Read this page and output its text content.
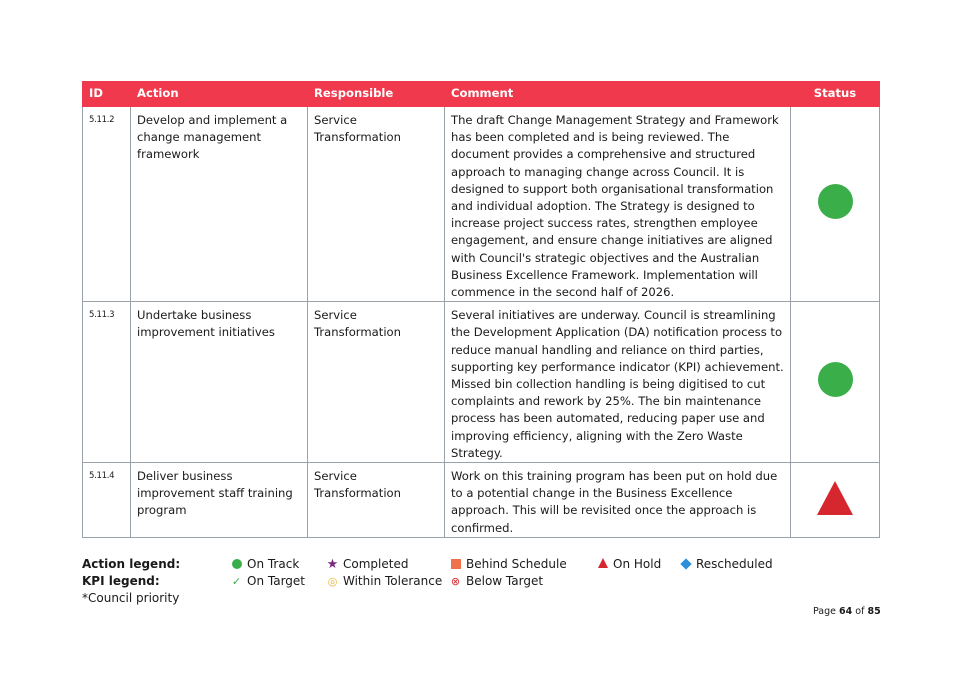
ID	Action	Responsible	Comment	Status
5.11.2	Develop and implement a change management framework	Service Transformation	The draft Change Management Strategy and Framework has been completed and is being reviewed. The document provides a comprehensive and structured approach to managing change across Council. It is designed to support both organisational transformation and individual adoption. The Strategy is designed to increase project success rates, strengthen employee engagement, and ensure change initiatives are aligned with Council's strategic objectives and the Australian Business Excellence Framework. Implementation will commence in the second half of 2026.	
5.11.3	Undertake business improvement initiatives	Service Transformation	Several initiatives are underway. Council is streamlining the Development Application (DA) notification process to reduce manual handling and reliance on third parties, supporting key performance indicator (KPI) achievement. Missed bin collection handling is being digitised to cut complaints and rework by 25%. The bin maintenance process has been automated, reducing paper use and improving efficiency, aligning with the Zero Waste Strategy.	
5.11.4	Deliver business improvement staff training program	Service Transformation	Work on this training program has been put on hold due to a potential change in the Business Excellence approach. This will be revisited once the approach is confirmed.	
Action legend:	On Track ★ Completed	Behind Schedule	On Hold	Rescheduled
KPI legend:	✓ On Target ◎ Within Tolerance ⊗ Below Target
*Council priority
Page 64 of 85
